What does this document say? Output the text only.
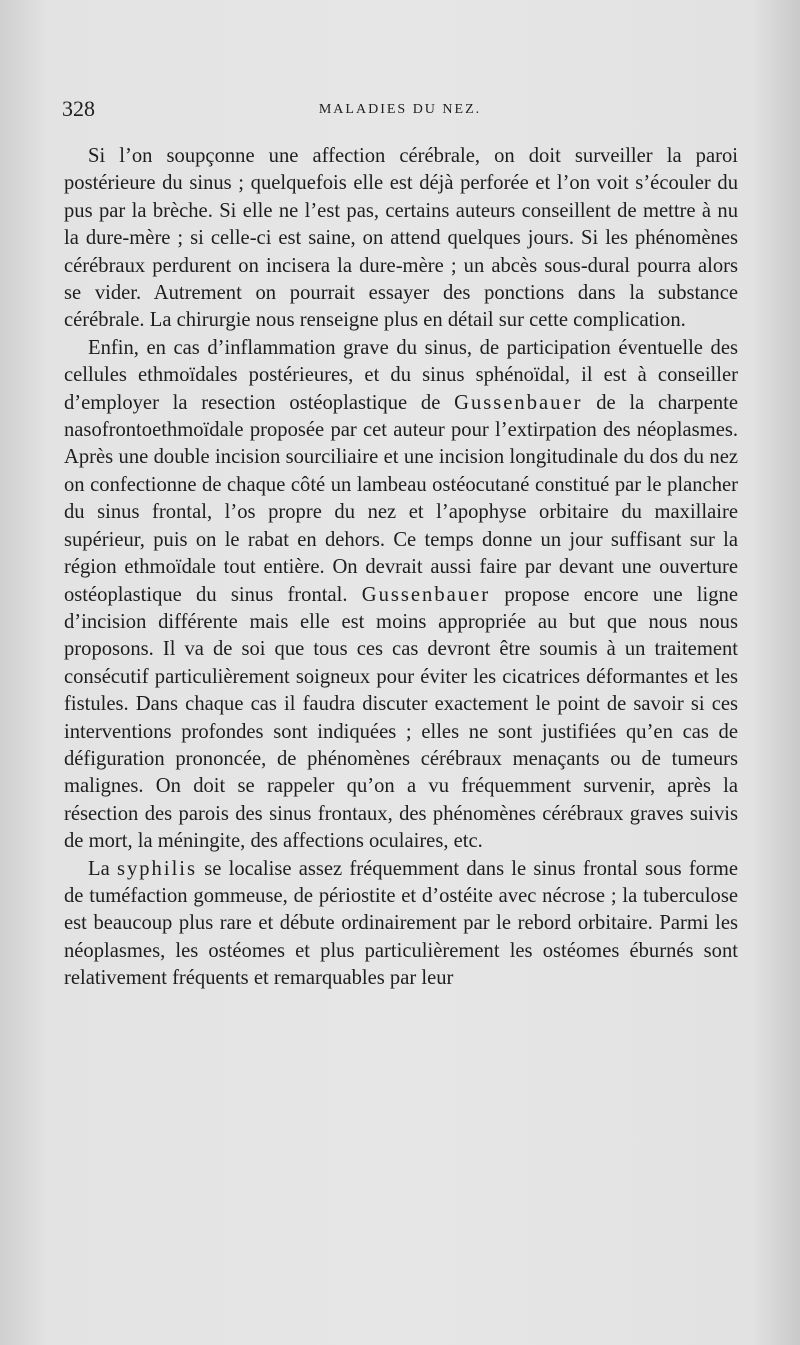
328	MALADIES DU NEZ.

Si l’on soupçonne une affection cérébrale, on doit surveiller la paroi postérieure du sinus ; quelquefois elle est déjà perforée et l’on voit s’écouler du pus par la brèche. Si elle ne l’est pas, certains auteurs conseillent de mettre à nu la dure-mère ; si celle-ci est saine, on attend quelques jours. Si les phénomènes cérébraux perdurent on incisera la dure-mère ; un abcès sous-dural pourra alors se vider. Autrement on pourrait essayer des ponctions dans la substance cérébrale. La chirurgie nous renseigne plus en détail sur cette complication.

Enfin, en cas d’inflammation grave du sinus, de participation éventuelle des cellules ethmoïdales postérieures, et du sinus sphénoïdal, il est à conseiller d’employer la resection ostéoplastique de Gussenbauer de la charpente nasofrontoethmoïdale proposée par cet auteur pour l’extirpation des néoplasmes. Après une double incision sourciliaire et une incision longitudinale du dos du nez on confectionne de chaque côté un lambeau ostéocutané constitué par le plancher du sinus frontal, l’os propre du nez et l’apophyse orbitaire du maxillaire supérieur, puis on le rabat en dehors. Ce temps donne un jour suffisant sur la région ethmoïdale tout entière. On devrait aussi faire par devant une ouverture ostéoplastique du sinus frontal. Gussenbauer propose encore une ligne d’incision différente mais elle est moins appropriée au but que nous nous proposons. Il va de soi que tous ces cas devront être soumis à un traitement consécutif particulièrement soigneux pour éviter les cicatrices déformantes et les fistules. Dans chaque cas il faudra discuter exactement le point de savoir si ces interventions profondes sont indiquées ; elles ne sont justifiées qu’en cas de défiguration prononcée, de phénomènes cérébraux menaçants ou de tumeurs malignes. On doit se rappeler qu’on a vu fréquemment survenir, après la résection des parois des sinus frontaux, des phénomènes cérébraux graves suivis de mort, la méningite, des affections oculaires, etc.

La syphilis se localise assez fréquemment dans le sinus frontal sous forme de tuméfaction gommeuse, de périostite et d’ostéite avec nécrose ; la tuberculose est beaucoup plus rare et débute ordinairement par le rebord orbitaire. Parmi les néoplasmes, les ostéomes et plus particulièrement les ostéomes éburnés sont relativement fréquents et remarquables par leur
